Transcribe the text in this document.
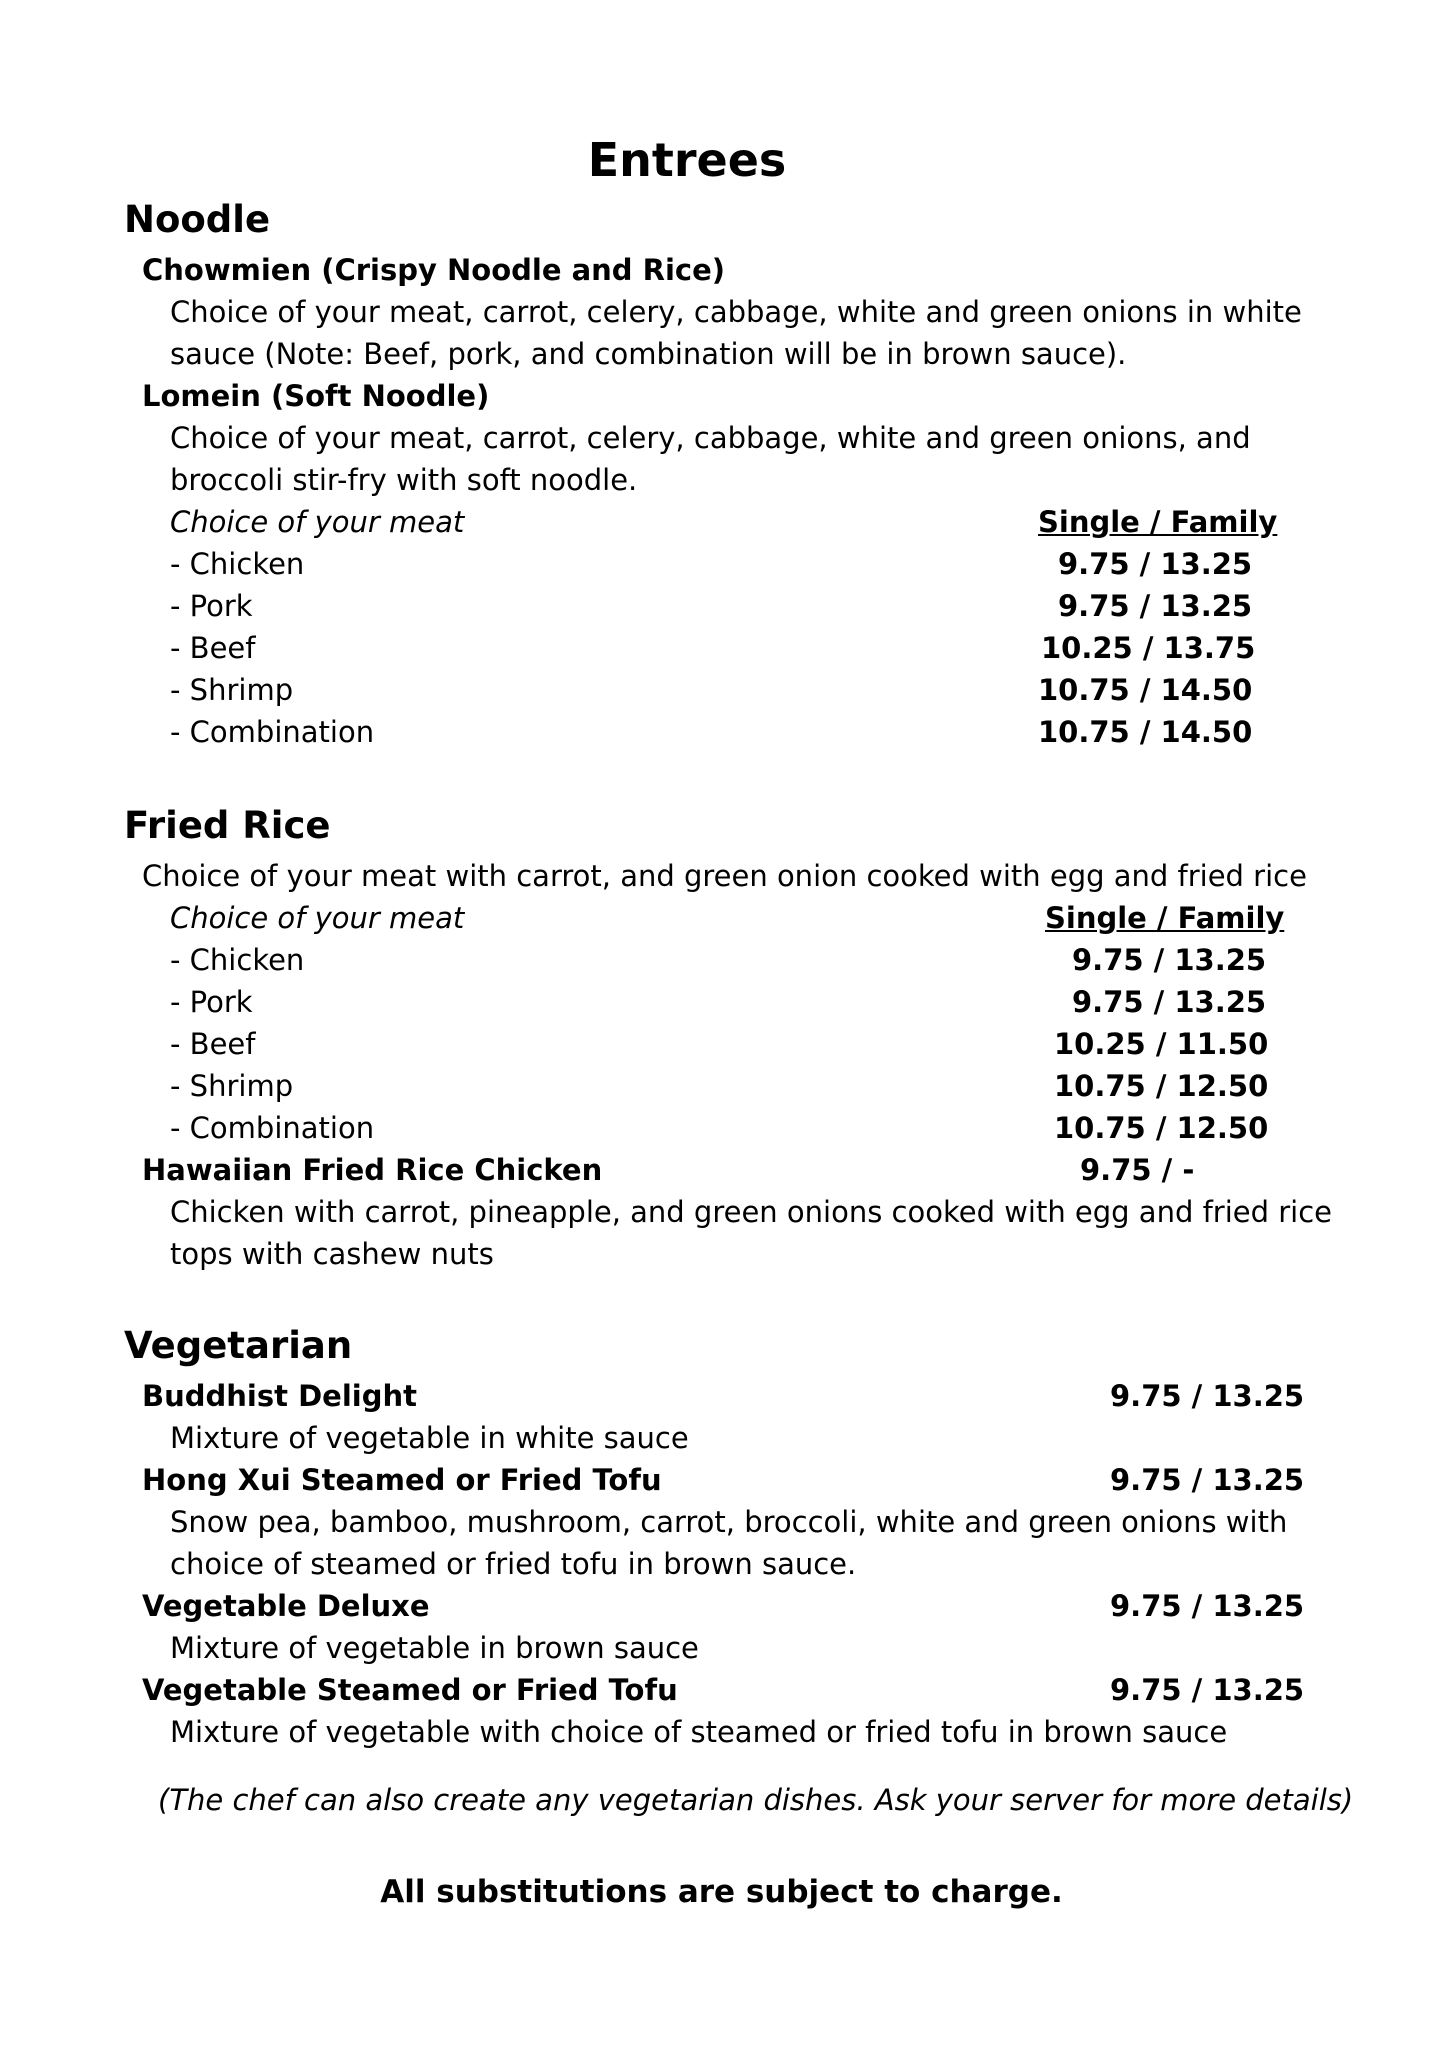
Entrees
Noodle
Chowmien (Crispy Noodle and Rice)
Choice of your meat, carrot, celery, cabbage, white and green onions in white
sauce (Note: Beef, pork, and combination will be in brown sauce).
Lomein (Soft Noodle)
Choice of your meat, carrot, celery, cabbage, white and green onions, and
broccoli stir-fry with soft noodle.
Choice of your meat	Single / Family
- Chicken	9.75 / 13.25
- Pork	9.75 / 13.25
- Beef	10.25 / 13.75
- Shrimp	10.75 / 14.50
- Combination	10.75 / 14.50
Fried Rice
Choice of your meat with carrot, and green onion cooked with egg and fried rice
Choice of your meat	Single / Family
- Chicken	9.75 / 13.25
- Pork	9.75 / 13.25
- Beef	10.25 / 11.50
- Shrimp	10.75 / 12.50
- Combination	10.75 / 12.50
Hawaiian Fried Rice Chicken	9.75 / -
Chicken with carrot, pineapple, and green onions cooked with egg and fried rice
tops with cashew nuts
Vegetarian
Buddhist Delight	9.75 / 13.25
Mixture of vegetable in white sauce
Hong Xui Steamed or Fried Tofu	9.75 / 13.25
Snow pea, bamboo, mushroom, carrot, broccoli, white and green onions with
choice of steamed or fried tofu in brown sauce.
Vegetable Deluxe	9.75 / 13.25
Mixture of vegetable in brown sauce
Vegetable Steamed or Fried Tofu	9.75 / 13.25
Mixture of vegetable with choice of steamed or fried tofu in brown sauce
(The chef can also create any vegetarian dishes. Ask your server for more details)
All substitutions are subject to charge.
